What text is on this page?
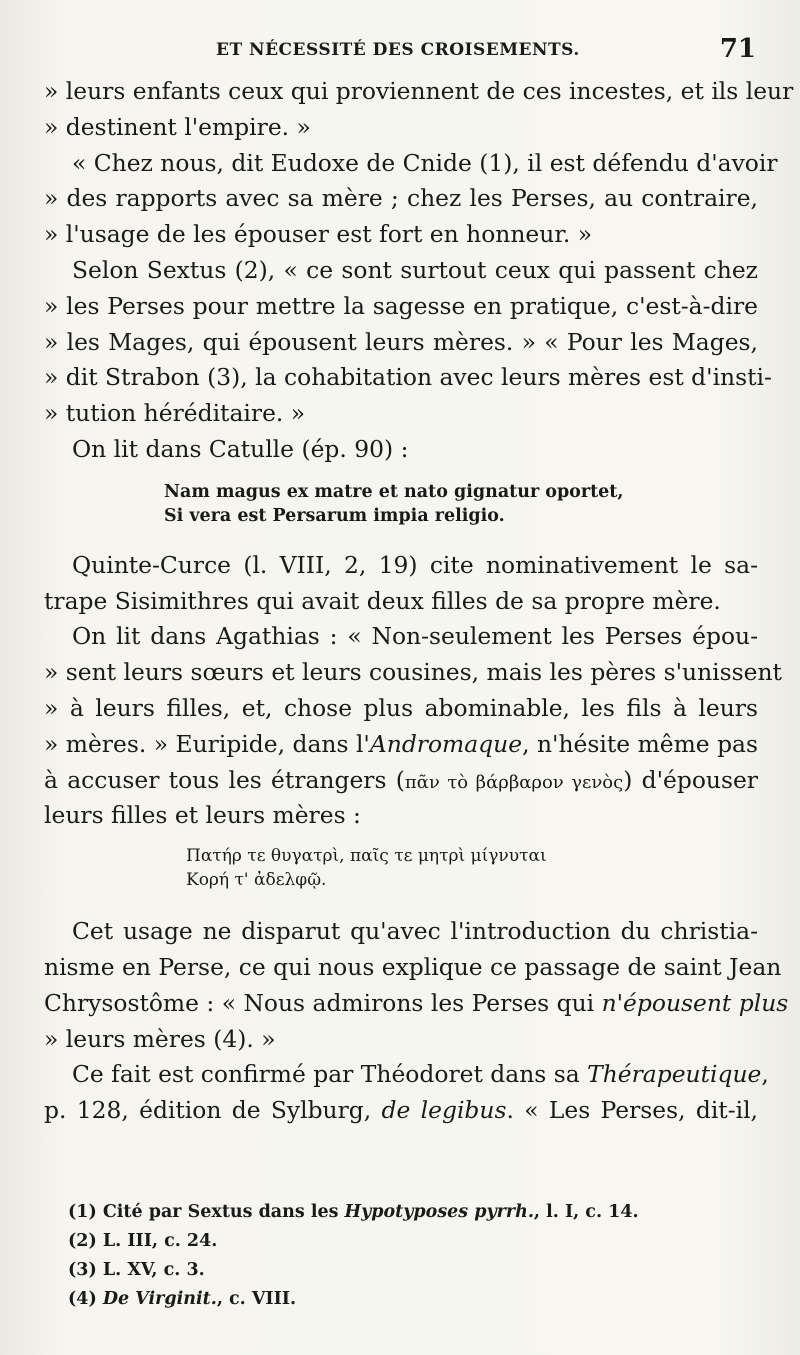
ET NÉCESSITÉ DES CROISEMENTS.	71
» leurs enfants ceux qui proviennent de ces incestes, et ils leur
» destinent l'empire. »
« Chez nous, dit Eudoxe de Cnide (1), il est défendu d'avoir
» des rapports avec sa mère ; chez les Perses, au contraire,
» l'usage de les épouser est fort en honneur. »
Selon Sextus (2), « ce sont surtout ceux qui passent chez
» les Perses pour mettre la sagesse en pratique, c'est-à-dire
» les Mages, qui épousent leurs mères. » « Pour les Mages,
» dit Strabon (3), la cohabitation avec leurs mères est d'insti-
» tution héréditaire. »
On lit dans Catulle (ép. 90) :
Nam magus ex matre et nato gignatur oportet,
Si vera est Persarum impia religio.
Quinte-Curce (l. VIII, 2, 19) cite nominativement le sa-
trape Sisimithres qui avait deux filles de sa propre mère.
On lit dans Agathias : « Non-seulement les Perses épou-
» sent leurs sœurs et leurs cousines, mais les pères s'unissent
» à leurs filles, et, chose plus abominable, les fils à leurs
» mères. » Euripide, dans l'Andromaque, n'hésite même pas
à accuser tous les étrangers (πᾶν τὸ βάρβαρον γενὸς) d'épouser
leurs filles et leurs mères :
Πατήρ τε θυγατρὶ, παῖς τε μητρὶ μίγνυται
Κορή τ' ἀδελφῷ.
Cet usage ne disparut qu'avec l'introduction du christia-
nisme en Perse, ce qui nous explique ce passage de saint Jean
Chrysostôme : « Nous admirons les Perses qui n'épousent plus
» leurs mères (4). »
Ce fait est confirmé par Théodoret dans sa Thérapeutique,
p. 128, édition de Sylburg, de legibus. « Les Perses, dit-il,
(1) Cité par Sextus dans les Hypotyposes pyrrh., l. I, c. 14.
(2) L. III, c. 24.
(3) L. XV, c. 3.
(4) De Virginit., c. VIII.
